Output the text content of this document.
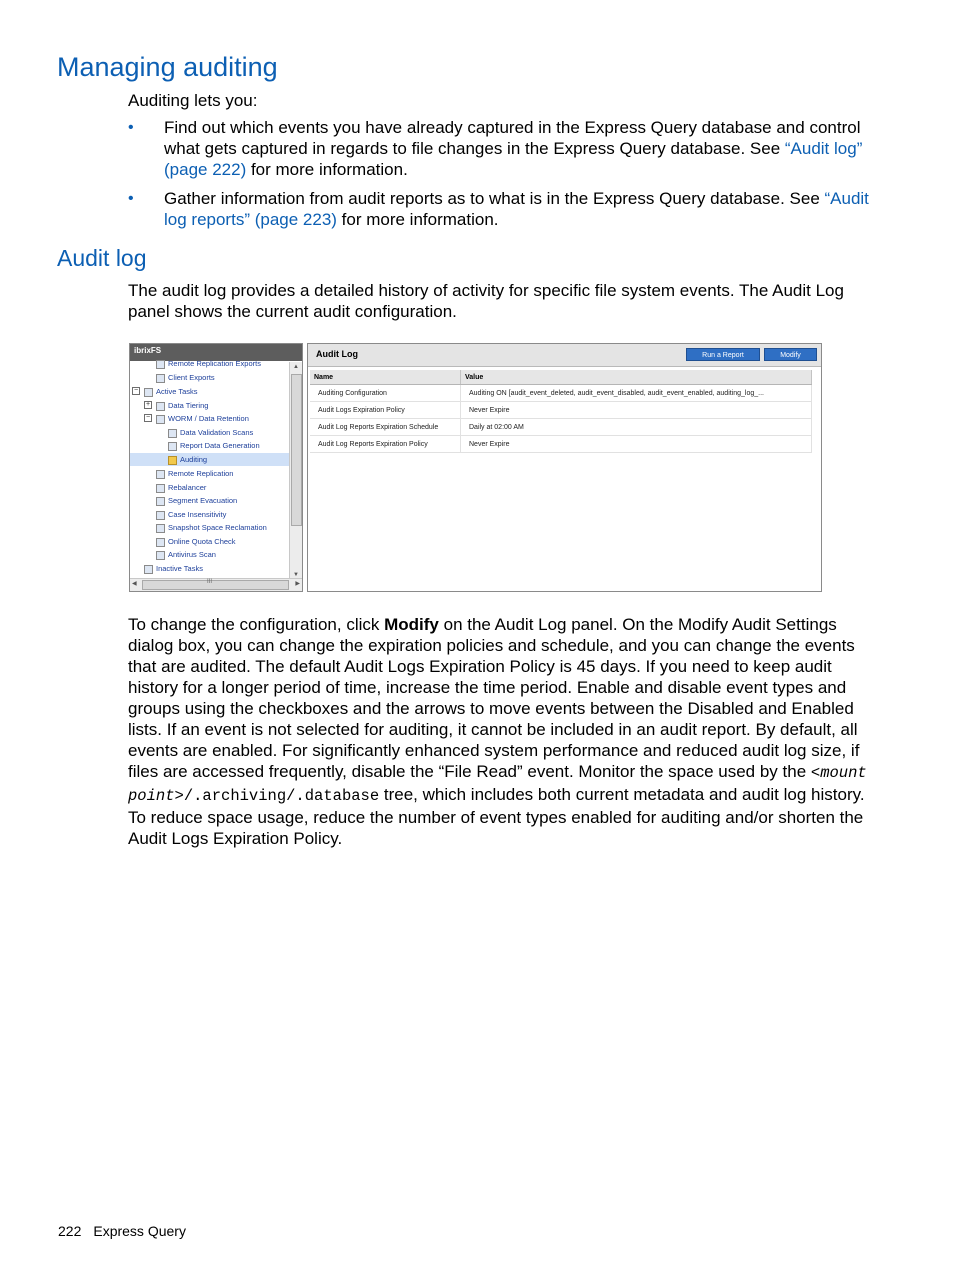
Managing auditing

Auditing lets you:

• Find out which events you have already captured in the Express Query database and control what gets captured in regards to file changes in the Express Query database. See “Audit log” (page 222) for more information.
• Gather information from audit reports as to what is in the Express Query database. See “Audit log reports” (page 223) for more information.
Audit log

The audit log provides a detailed history of activity for specific file system events. The Audit Log panel shows the current audit configuration.

ibrixFS
Remote Replication Exports
Client Exports
−	Active Tasks
+	Data Tiering
−	WORM / Data Retention
Data Validation Scans
Report Data Generation
Auditing
Remote Replication
Rebalancer
Segment Evacuation
Case Insensitivity
Snapshot Space Reclamation
Online Quota Check
Antivirus Scan
Inactive Tasks
▲
▼
◀	III	▶
Audit Log	Run a Report	Modify
Name	Value
Auditing Configuration	Auditing ON [audit_event_deleted, audit_event_disabled, audit_event_enabled, auditing_log_...
Audit Logs Expiration Policy	Never Expire
Audit Log Reports Expiration Schedule	Daily at 02:00 AM
Audit Log Reports Expiration Policy	Never Expire

To change the configuration, click Modify on the Audit Log panel. On the Modify Audit Settings dialog box, you can change the expiration policies and schedule, and you can change the events that are audited. The default Audit Logs Expiration Policy is 45 days. If you need to keep audit history for a longer period of time, increase the time period. Enable and disable event types and groups using the checkboxes and the arrows to move events between the Disabled and Enabled lists. If an event is not selected for auditing, it cannot be included in an audit report. By default, all events are enabled. For significantly enhanced system performance and reduced audit log size, if files are accessed frequently, disable the “File Read” event. Monitor the space used by the <mount point>/.archiving/.database tree, which includes both current metadata and audit log history. To reduce space usage, reduce the number of event types enabled for auditing and/or shorten the Audit Logs Expiration Policy.

222 Express Query
